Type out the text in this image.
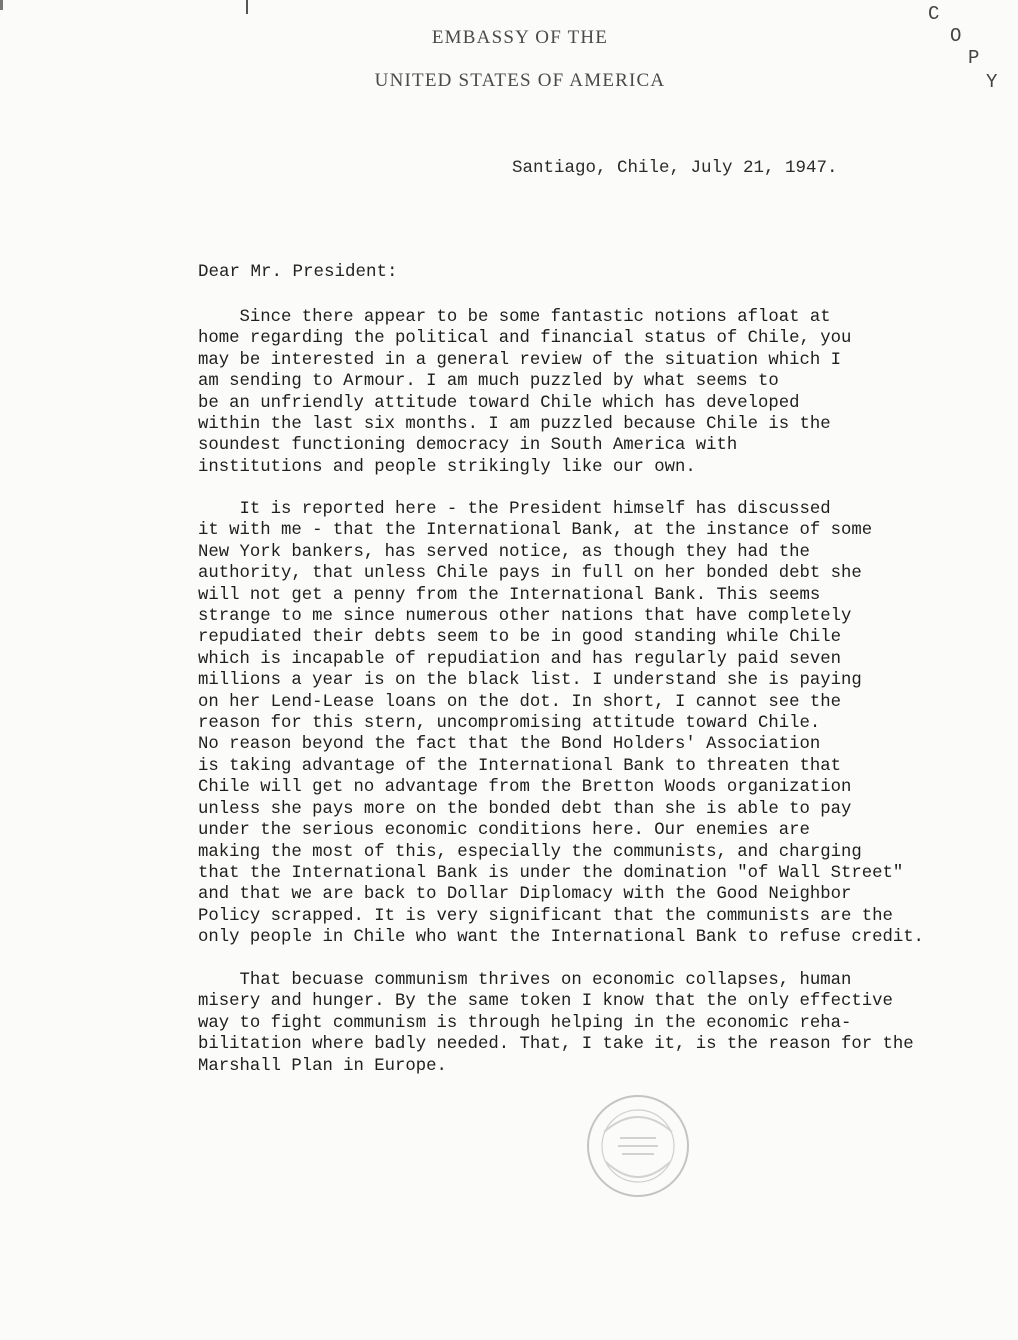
EMBASSY OF THE
UNITED STATES OF AMERICA
C
O
P
Y
Santiago, Chile, July 21, 1947.
Dear Mr. President:
Since there appear to be some fantastic notions afloat at
home regarding the political and financial status of Chile, you
may be interested in a general review of the situation which I
am sending to Armour. I am much puzzled by what seems to
be an unfriendly attitude toward Chile which has developed
within the last six months. I am puzzled because Chile is the
soundest functioning democracy in South America with
institutions and people strikingly like our own.
It is reported here - the President himself has discussed
it with me - that the International Bank, at the instance of some
New York bankers, has served notice, as though they had the
authority, that unless Chile pays in full on her bonded debt she
will not get a penny from the International Bank. This seems
strange to me since numerous other nations that have completely
repudiated their debts seem to be in good standing while Chile
which is incapable of repudiation and has regularly paid seven
millions a year is on the black list. I understand she is paying
on her Lend-Lease loans on the dot. In short, I cannot see the
reason for this stern, uncompromising attitude toward Chile.
No reason beyond the fact that the Bond Holders' Association
is taking advantage of the International Bank to threaten that
Chile will get no advantage from the Bretton Woods organization
unless she pays more on the bonded debt than she is able to pay
under the serious economic conditions here. Our enemies are
making the most of this, especially the communists, and charging
that the International Bank is under the domination "of Wall Street"
and that we are back to Dollar Diplomacy with the Good Neighbor
Policy scrapped. It is very significant that the communists are the
only people in Chile who want the International Bank to refuse credit.
That becuase communism thrives on economic collapses, human
misery and hunger. By the same token I know that the only effective
way to fight communism is through helping in the economic reha-
bilitation where badly needed. That, I take it, is the reason for the
Marshall Plan in Europe.
